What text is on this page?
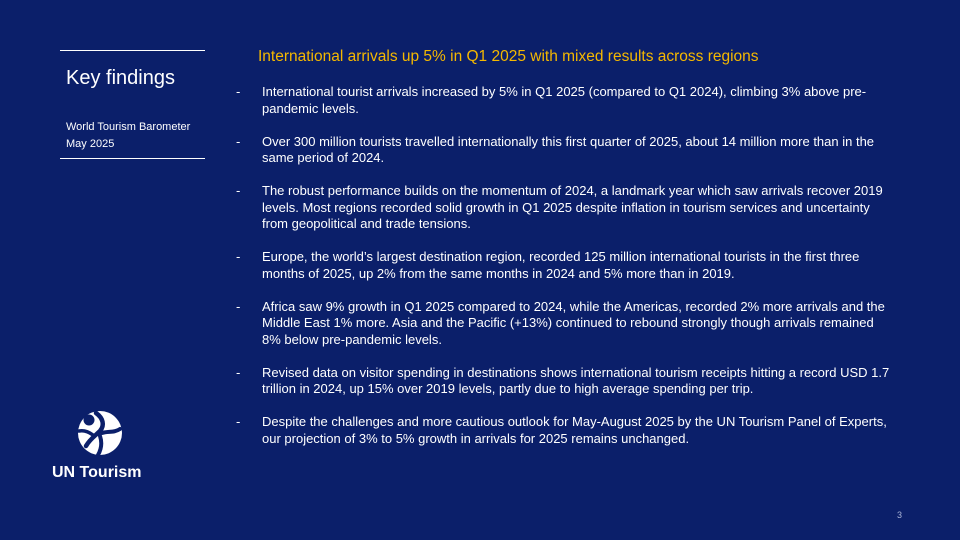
Key findings
World Tourism Barometer
May 2025
International arrivals up 5% in Q1 2025 with mixed results across regions
- International tourist arrivals increased by 5% in Q1 2025 (compared to Q1 2024), climbing 3% above pre-pandemic levels.
- Over 300 million tourists travelled internationally this first quarter of 2025, about 14 million more than in the same period of 2024.
- The robust performance builds on the momentum of 2024, a landmark year which saw arrivals recover 2019 levels. Most regions recorded solid growth in Q1 2025 despite inflation in tourism services and uncertainty from geopolitical and trade tensions.
- Europe, the world’s largest destination region, recorded 125 million international tourists in the first three months of 2025, up 2% from the same months in 2024 and 5% more than in 2019.
- Africa saw 9% growth in Q1 2025 compared to 2024, while the Americas, recorded 2% more arrivals and the Middle East 1% more. Asia and the Pacific (+13%) continued to rebound strongly though arrivals remained 8% below pre-pandemic levels.
- Revised data on visitor spending in destinations shows international tourism receipts hitting a record USD 1.7 trillion in 2024, up 15% over 2019 levels, partly due to high average spending per trip.
- Despite the challenges and more cautious outlook for May-August 2025 by the UN Tourism Panel of Experts, our projection of 3% to 5% growth in arrivals for 2025 remains unchanged.
UN Tourism
3
